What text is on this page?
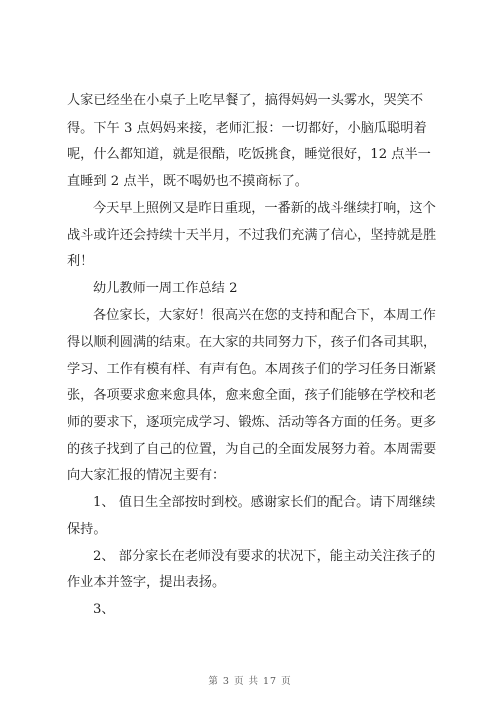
人家已经坐在小桌子上吃早餐了，搞得妈妈一头雾水，哭笑不
得。下午 3 点妈妈来接，老师汇报：一切都好，小脑瓜聪明着
呢，什么都知道，就是很酷，吃饭挑食，睡觉很好，12 点半一
直睡到 2 点半，既不喝奶也不摸商标了。
今天早上照例又是昨日重现，一番新的战斗继续打响，这个
战斗或许还会持续十天半月，不过我们充满了信心，坚持就是胜
利！
幼儿教师一周工作总结 2
各位家长，大家好！很高兴在您的支持和配合下，本周工作
得以顺利圆满的结束。在大家的共同努力下，孩子们各司其职，
学习、工作有模有样、有声有色。本周孩子们的学习任务日渐紧
张，各项要求愈来愈具体，愈来愈全面，孩子们能够在学校和老
师的要求下，逐项完成学习、锻炼、活动等各方面的任务。更多
的孩子找到了自己的位置，为自己的全面发展努力着。本周需要
向大家汇报的情况主要有：
1、 值日生全部按时到校。感谢家长们的配合。请下周继续
保持。
2、 部分家长在老师没有要求的状况下，能主动关注孩子的
作业本并签字，提出表扬。
3、
第 3 页 共 17 页
